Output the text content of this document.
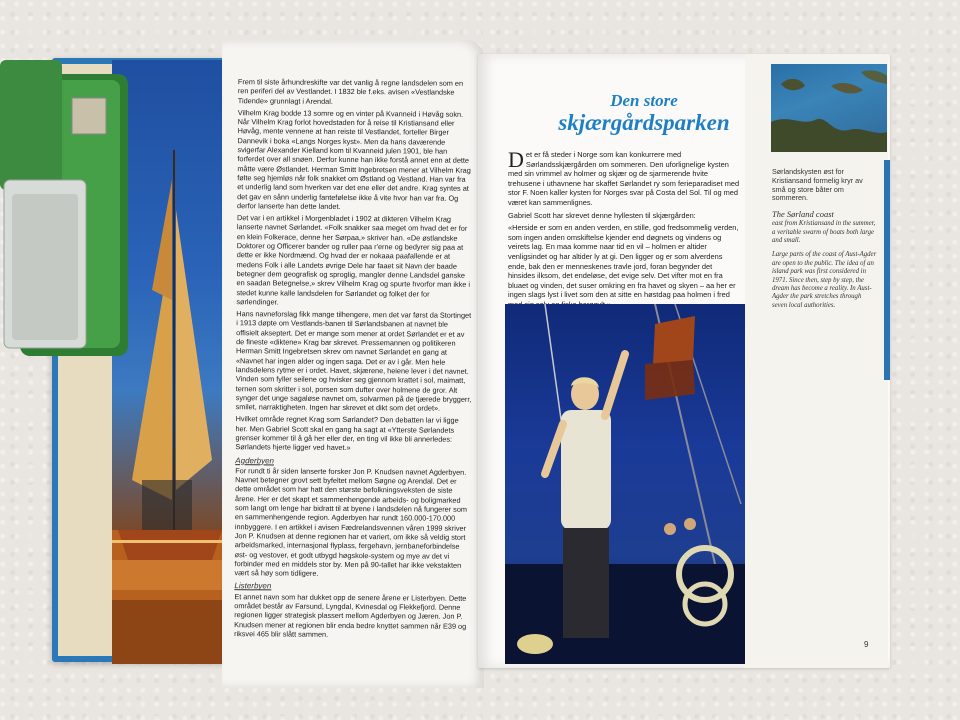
Frem til siste århundreskifte var det vanlig å regne landsdelen som en ren periferi del av Vestlandet. I 1832 ble f.eks. avisen «Vestlandske Tidende» grunnlagt i Arendal.

Vilhelm Krag bodde 13 somre og en vinter på Kvanneid i Høvåg sokn. Når Vilhelm Krag forlot hovedstaden for å reise til Kristiansand eller Høvåg, mente vennene at han reiste til Vestlandet, forteller Birger Dannevik i boka «Langs Norges kyst». Men da hans daværende svigerfar Alexander Kielland kom til Kvanneid julen 1901, ble han forferdet over all snøen. Derfor kunne han ikke forstå annet enn at dette måtte være Østlandet. Herman Smitt Ingebretsen mener at Vilhelm Krag følte seg hjemløs når folk snakket om Østland og Vestland. Han var fra et underlig land som hverken var det ene eller det andre. Krag syntes at det gav en sånn underlig fantefølelse ikke å vite hvor han var fra. Og derfor lanserte han dette landet.

Det var i en artikkel i Morgenbladet i 1902 at dikteren Vilhelm Krag lanserte navnet Sørlandet. «Folk snakker saa meget om hvad det er for en klein Folkerace, denne her Sørpaa,» skriver han. «De østlandske Doktorer og Officerer bander og ruller paa r'erne og bedyrer sig paa at dette er ikke Nordmænd. Og hvad der er nokaaa paafallende er at medens Folk i alle Landets øvrige Dele har faaet sit Navn der baade betegner dem geografisk og sproglig, mangler denne Landsdel ganske en saadan Betegnelse,» skrev Vilhelm Krag og spurte hvorfor man ikke i stedet kunne kalle landsdelen for Sørlandet og folket der for sørlendinger.

Hans navneforslag fikk mange tilhengere, men det var først da Stortinget i 1913 døpte om Vestlands-banen til Sørlandsbanen at navnet ble offisielt akseptert. Det er mange som mener at ordet Sørlandet er et av de fineste «diktene» Krag bar skrevet. Pressemannen og politikeren Herman Smitt Ingebretsen skrev om navnet Sørlandet en gang at «Navnet har ingen alder og ingen saga. Det er av i går. Men hele landsdelens rytme er i ordet. Havet, skjærene, heiene lever i det navnet. Vinden som fyller seilene og hvisker seg gjennom krattet i sol, maimatt, ternen som skritter i sol, porsen som dufter over holmene de gror. Alt synger det unge sagaløse navnet om, solvarmen på de tjærede bryggerr, smilet, narraktigheten. Ingen har skrevet et dikt som det ordet».

Hvilket område regnet Krag som Sørlandet? Den debatten lar vi ligge her. Men Gabriel Scott skal en gang ha sagt at «Ytterste Sørlandets grenser kommer til å gå her eller der, en ting vil ikke bli annerledes: Sørlandets hjerte ligger ved havet.»

Agderbyen

For rundt ti år siden lanserte forsker Jon P. Knudsen navnet Agderbyen. Navnet betegner grovt sett byfeltet mellom Søgne og Arendal. Det er dette området som har hatt den største befolkningsveksten de siste årene. Her er det skapt et sammenhengende arbeids- og boligmarked som langt om lenge har bidratt til at byene i landsdelen nå fungerer som en sammenhengende region. Agderbyen har rundt 160.000-170.000 innbyggere. I en artikkel i avisen Fædrelandsvennen våren 1999 skriver Jon P. Knudsen at denne regionen har et variert, om ikke så veldig stort arbeidsmarked, internasjonal flyplass, fergehavn, jernbaneforbindelse øst- og vestover, et godt utbygd høgskole-system og mye av det vi forbinder med en middels stor by. Men på 90-tallet har ikke vekstakten vært så høy som tidligere.

Listerbyen

Et annet navn som har dukket opp de senere årene er Listerbyen. Dette området består av Farsund, Lyngdal, Kvinesdal og Flekkefjord. Denne regionen ligger strategisk plassert mellom Agderbyen og Jæren. Jon P. Knudsen mener at regionen blir enda bedre knyttet sammen når E39 og riksvei 465 blir slått sammen.

Den store
skjærgårdsparken

Det er få steder i Norge som kan konkurrere med Sørlandsskjærgården om sommeren. Den uforlignelige kysten med sin vrimmel av holmer og skjær og de sjarmerende hvite trehusene i uthavnene har skaffet Sørlandet ry som ferieparadiset med stor F. Noen kaller kysten for Norges svar på Costa del Sol. Til og med været kan sammenlignes.

Gabriel Scott har skrevet denne hyllesten til skjærgården:

«Herside er som en anden verden, en stille, god fredsommelig verden, som ingen anden omskiftelse kjender end døgnets og vindens og veirets lag. En maa komme naar tid en vil – holmen er altider venligsindet og har altider ly at gi. Den ligger og er som alverdens ende, bak den er menneskenes travle jord, foran begynder det hinsides ilksom, det endeløse, det evige selv. Det vifter mot en fra bluaet og vinden, det suser omkring en fra havet og skyen – aa her er ingen slags lyst i livet som den at sitte en høstdag paa holmen i fred

Sørlandskysten øst for Kristiansand formelig kryr av små og store båter om sommeren.

The Sørland coast

east from Kristiansand in the summer, a veritable swarm of boats both large and small.

Large parts of the coast of Aust-Agder are open to the public. The idea of an island park was first considered in 1971. Since then, step by step, the dream has become a reality. In Aust-Agder the park stretches through seven local authorities.

9
